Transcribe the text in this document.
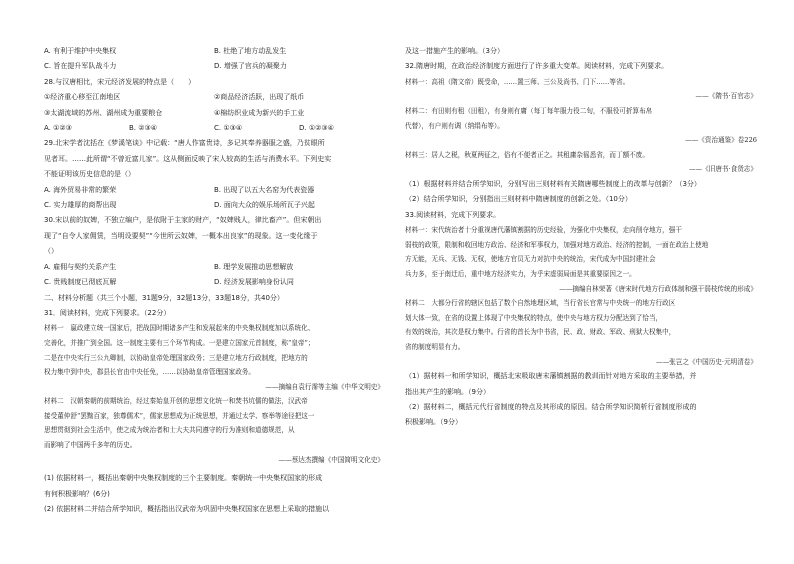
A. 有利于维护中央集权	B. 杜绝了地方动乱发生
C. 旨在提升军队战斗力	D. 增强了官兵的凝聚力
28.与汉唐相比，宋元经济发展的特点是（　　）
①经济重心移至江南地区	②商品经济活跃，出现了纸币
③太湖流域的苏州、湖州成为重要粮仓	④棉纺织业成为新兴的手工业
A. ①②③	B. ②③④	C. ①③④	D. ①②③④
29.北宋学者沈括在《梦溪笔谈》中记载：“唐人作富贵诗，多记其奉养器服之盛，乃贫眼所
见者耳。……此所谓“不曾近富儿家”。这从侧面反映了宋人较高的生活与消费水平。下列史实
不能证明该历史信息的是（）
A. 海外贸易非常的繁荣	B. 出现了以五大名窑为代表瓷器
C. 实力雄厚的商帮出现	D. 面向大众的娱乐场所瓦子兴起
30.宋以前的奴婢，不独立编户，是依附于主家的财产，“奴婢贱人，律比畜产”。但宋朝出
现了“自令人家佣赁，当明设要契”“今世所云奴婢，一概本出良家”的现象。这一变化缘于
（）
A. 雇佣与契约关系产生	B. 理学发展推动思想解放
C. 贵贱制度已彻底瓦解	D. 经济发展影响身份认同
二、材料分析题（共三个小题，31题9分，32题13分，33题18分，共40分）
31．阅读材料，完成下列要求。（22分）
材料一　嬴政建立统一国家后，把战国时期诸多产生和发展起来的中央集权制度加以系统化、
完善化，并推广到全国。这一制度主要有三个环节构成。一是建立国家元首制度，称“皇帝”；
二是在中央实行三公九卿制，以协助皇帝处理国家政务；三是建立地方行政制度，把地方的
权力集中到中央，郡县长官由中央任免，……以协助皇帝管理国家政务。
——摘编自袁行霈等主编《中华文明史》
材料二　汉朝秦朝的前期统治，经过秦始皇开创的思想文化统一和焚书坑儒的做法，汉武帝
接受董仲舒“罢黜百家，独尊儒术”，儒家思想成为正统思想，并通过太学、察举等途径把这一
思想贯彻到社会生活中，使之成为统治者和士大夫共同遵守的行为准则和道德规范，从
而影响了中国两千多年的历史。
——蔡达杰撰编《中国简明文化史》
(1) 依据材料一，概括出秦朝中央集权制度的三个主要制度。秦朝统一中央集权国家的形成
有何积极影响？(6分)
(2) 依据材料二并结合所学知识，概括指出汉武帝为巩固中央集权国家在思想上采取的措施以
及这一措施产生的影响。（3分）
32.隋唐时期，在政治经济制度方面进行了许多重大变革。阅读材料，完成下列要求。
材料一：高祖（隋文帝）既受命，……置三师、三公及尚书、门下……等省。
——《隋书·百官志》
材料二：有田则有租（田租），有身则有庸（每丁每年服力役二旬，不服役可折算布帛
代替），有户则有调（纳绢布等）。
——《资治通鉴》卷226
材料三：居人之税，秋夏两征之，俗有不便者正之。其租庸杂徭悉省，而丁额不废。
——《旧唐书·食货志》
（1）根据材料并结合所学知识，分别写出三则材料有关隋唐哪些制度上的改革与创新？（3分）
（2）结合所学知识，分别指出三则材料中隋唐制度的创新之处。（10分）
33.阅读材料，完成下列要求。
材料一：宋代统治者十分重视唐代藩镇割据的历史经验，为强化中央集权，走向削夺地方，强干
弱枝的政策，限制和收回地方政治、经济和军事权力，加强对地方政治、经济的控制，一面在政治上使地
方无能，无兵、无钱、无权，使地方官员无力对抗中央的统治，宋代成为中国封建社会
兵力多，至于南迁后，重中地方经济实力，为乎宋虚弱局面是其重要原因之一。
——摘编自林荣著《唐宋时代地方行政体制和强干弱枝传统的形成》
材料二　大都分行省的辖区包括了数个自然地理区域，当行省长官常与中央统一的地方行政区
划大体一致，在省的设置上体现了中央集权的特点，使中央与地方权力分配达到了恰当，
有效的统治，其次是权力集中。行省的首长为中书省，民、政、财政、军政、刑狱大权集中，
省的制度明显有力。
——张岂之《中国历史·元明清卷》
（1）据材料一和所学知识，概括北宋吸取唐末藩镇割据的教训而针对地方采取的主要举措，并
指出其产生的影响。（9分）
（2）据材料二，概括元代行省制度的特点及其形成的原因。结合所学知识简析行省制度形成的
积极影响。（9分）
